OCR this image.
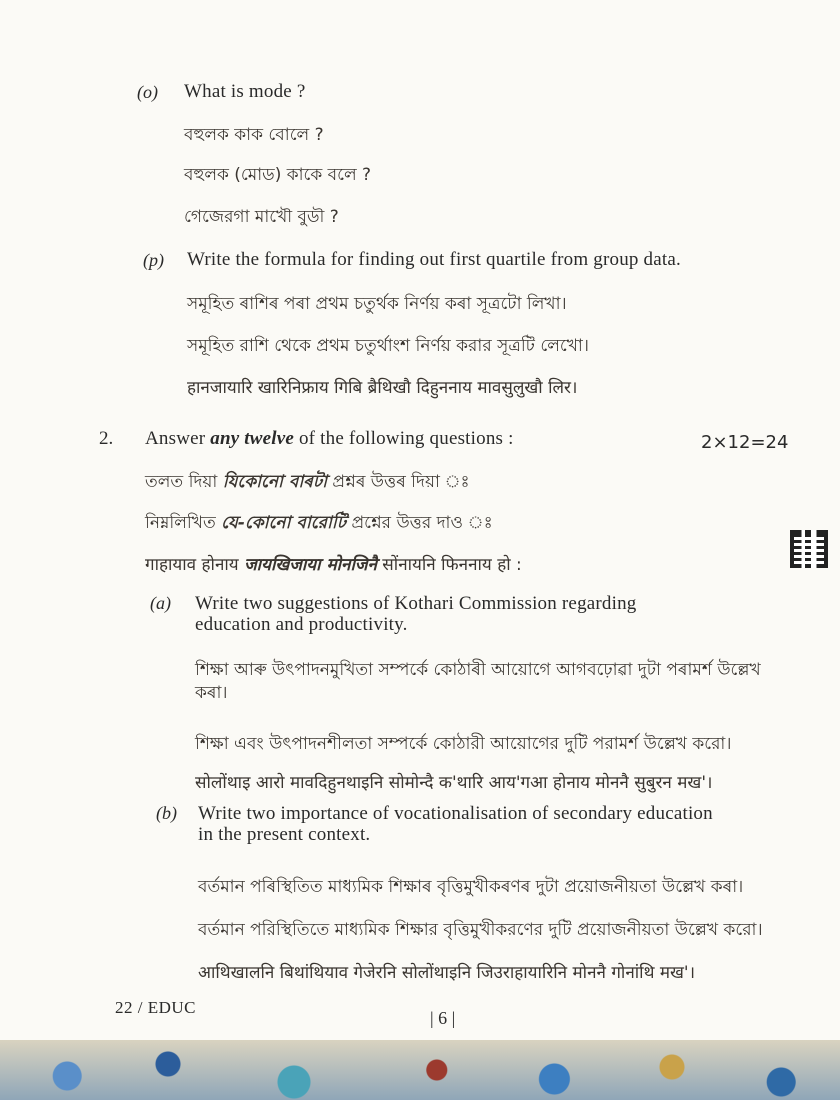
(o) What is mode ?
বহুলক কাক বোলে ?
বহুলক (মোড) কাকে বলে ?
গেজেরগা মাখৌ বুডৗ ?
(p) Write the formula for finding out first quartile from group data.
সমূহিত ৰাশিৰ পৰা প্ৰথম চতুৰ্থক নিৰ্ণয় কৰা সূত্ৰটো লিখা।
সমূহিত রাশি থেকে প্রথম চতুর্থাংশ নির্ণয় করার সূত্রটি লেখো।
हानजायारि खारिनिफ्राय गिबि ब्रैथिखौ दिहुननाय मावसुलुखौ लिर।
2. Answer any twelve of the following questions :	2×12=24
তলত দিয়া যিকোনো বাৰটা প্ৰশ্নৰ উত্তৰ দিয়া ঃ
নিম্নলিখিত যে-কোনো বারোটি প্রশ্নের উত্তর দাও ঃ
गाहायाव होनाय जायखिजाया मोनजिनै सोंनायनि फिननाय हो :
(a) Write two suggestions of Kothari Commission regarding
education and productivity.
শিক্ষা আৰু উৎপাদনমুখিতা সম্পৰ্কে কোঠাৰী আয়োগে আগবঢ়োৱা দুটা পৰামৰ্শ উল্লেখ
কৰা।
শিক্ষা এবং উৎপাদনশীলতা সম্পর্কে কোঠারী আয়োগের দুটি পরামর্শ উল্লেখ করো।
सोलोंथाइ आरो मावदिहुनथाइनि सोमोन्दै क'थारि आय'गआ होनाय मोननै सुबुरन मख'।
(b) Write two importance of vocationalisation of secondary education
in the present context.
বৰ্তমান পৰিস্থিতিত মাধ্যমিক শিক্ষাৰ বৃত্তিমুখীকৰণৰ দুটা প্ৰয়োজনীয়তা উল্লেখ কৰা।
বর্তমান পরিস্থিতিতে মাধ্যমিক শিক্ষার বৃত্তিমুখীকরণের দুটি প্রয়োজনীয়তা উল্লেখ করো।
आथिखालनि बिथांथियाव गेजेरनि सोलोंथाइनि जिउराहायारिनि मोननै गोनांथि मख'।
22 / EDUC
| 6 |
